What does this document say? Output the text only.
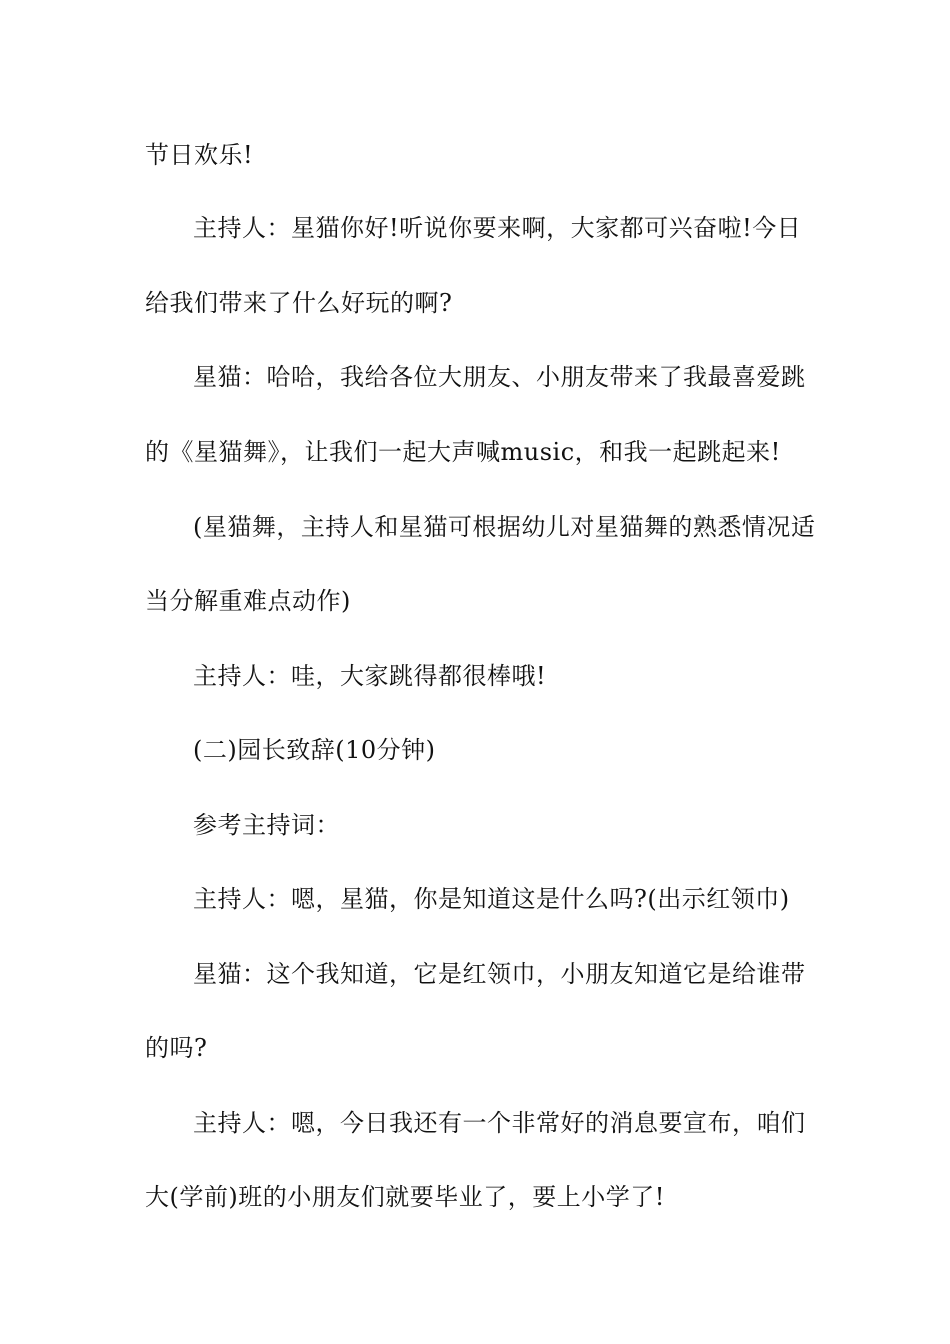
节日欢乐!
主持人：星猫你好!听说你要来啊，大家都可兴奋啦!今日
给我们带来了什么好玩的啊?
星猫：哈哈，我给各位大朋友、小朋友带来了我最喜爱跳
的《星猫舞》，让我们一起大声喊music，和我一起跳起来!
(星猫舞，主持人和星猫可根据幼儿对星猫舞的熟悉情况适
当分解重难点动作)
主持人：哇，大家跳得都很棒哦!
(二)园长致辞(10分钟)
参考主持词：
主持人：嗯，星猫，你是知道这是什么吗?(出示红领巾)
星猫：这个我知道，它是红领巾，小朋友知道它是给谁带
的吗?
主持人：嗯，今日我还有一个非常好的消息要宣布，咱们
大(学前)班的小朋友们就要毕业了，要上小学了!
